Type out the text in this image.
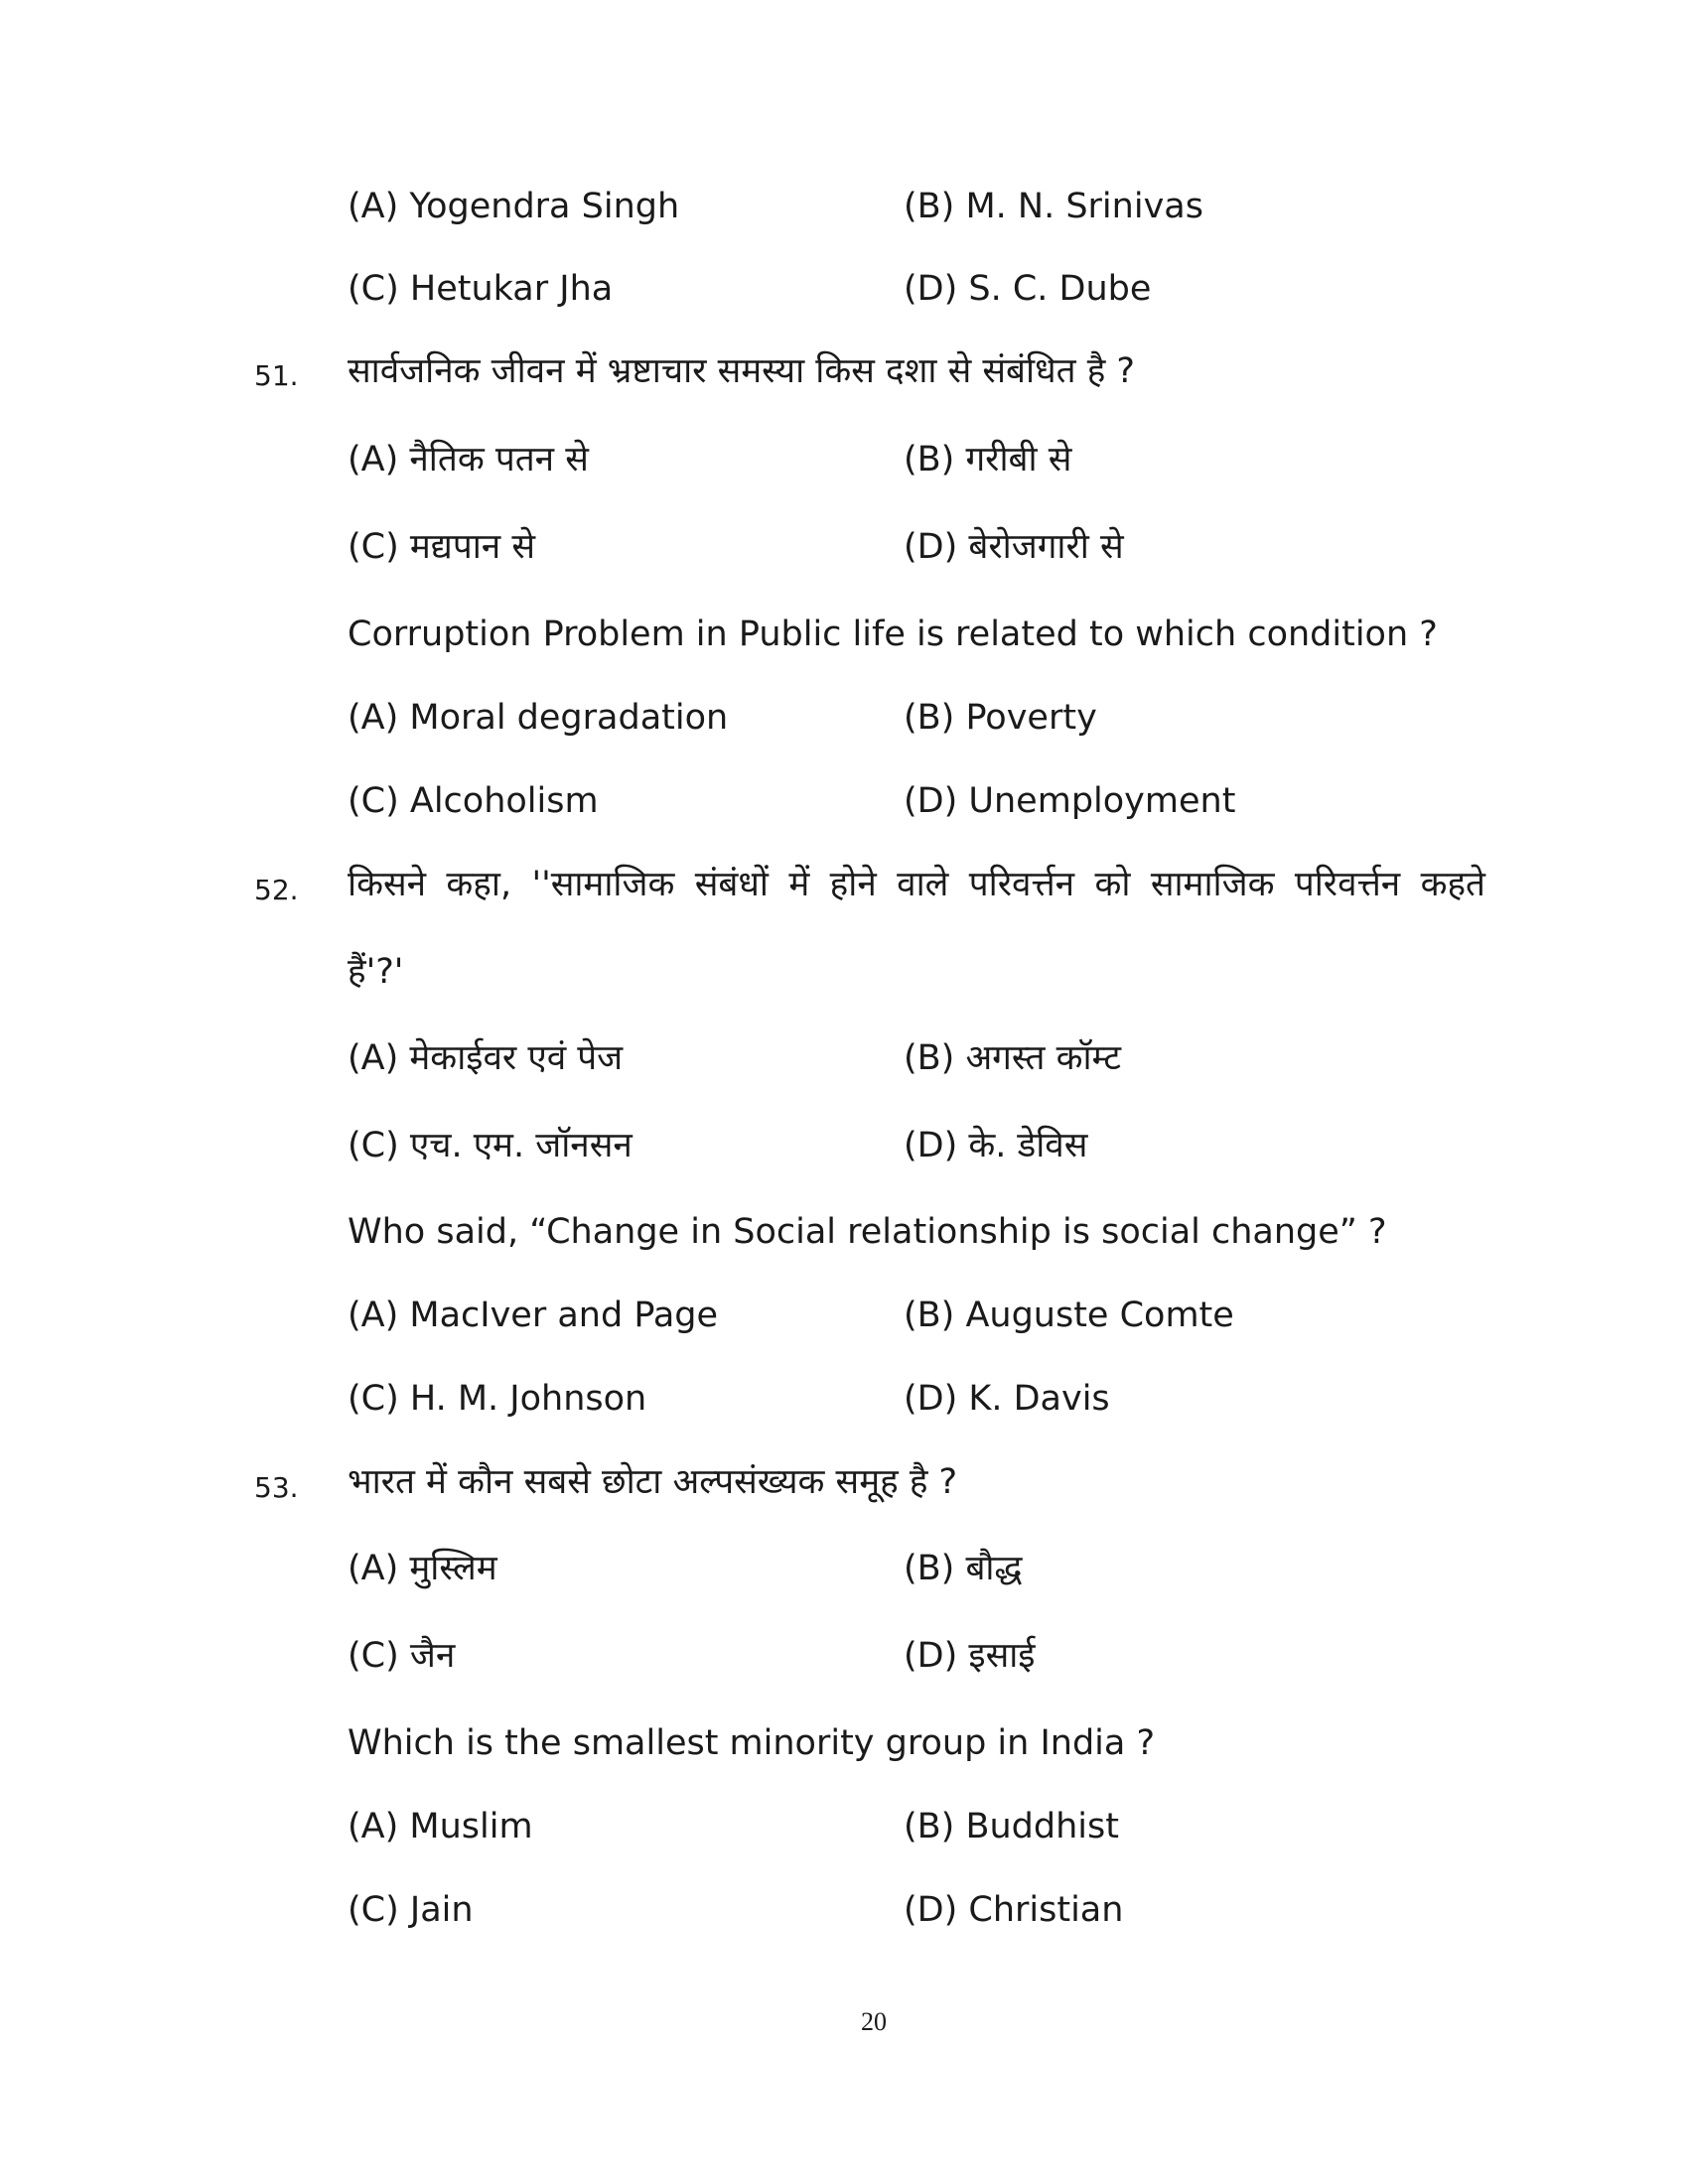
(A) Yogendra Singh	(B) M. N. Srinivas
(C) Hetukar Jha	(D) S. C. Dube
51. सार्वजनिक जीवन में भ्रष्टाचार समस्या किस दशा से संबंधित है ?
(A) नैतिक पतन से	(B) गरीबी से
(C) मद्यपान से	(D) बेरोजगारी से
Corruption Problem in Public life is related to which condition ?
(A) Moral degradation	(B) Poverty
(C) Alcoholism	(D) Unemployment
52. किसने कहा, ''सामाजिक संबंधों में होने वाले परिवर्त्तन को सामाजिक परिवर्त्तन कहते
हैं'?'
(A) मेकाईवर एवं पेज	(B) अगस्त कॉम्ट
(C) एच. एम. जॉनसन	(D) के. डेविस
Who said, “Change in Social relationship is social change” ?
(A) MacIver and Page	(B) Auguste Comte
(C) H. M. Johnson	(D) K. Davis
53. भारत में कौन सबसे छोटा अल्पसंख्यक समूह है ?
(A) मुस्लिम	(B) बौद्ध
(C) जैन	(D) इसाई
Which is the smallest minority group in India ?
(A) Muslim	(B) Buddhist
(C) Jain	(D) Christian
20
